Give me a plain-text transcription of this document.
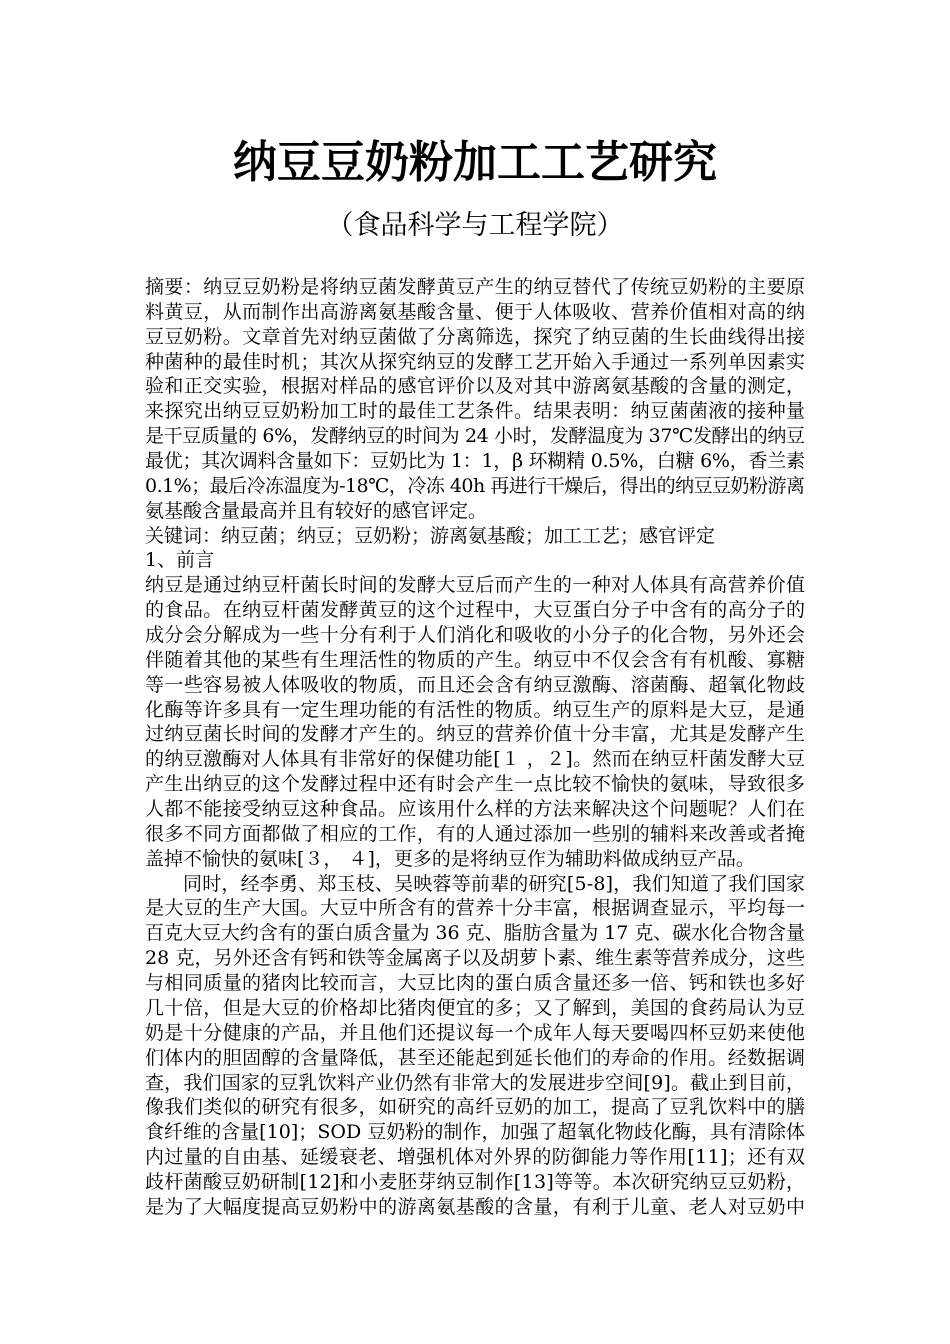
纳豆豆奶粉加工工艺研究
（食品科学与工程学院）
摘要：纳豆豆奶粉是将纳豆菌发酵黄豆产生的纳豆替代了传统豆奶粉的主要原
料黄豆，从而制作出高游离氨基酸含量、便于人体吸收、营养价值相对高的纳
豆豆奶粉。文章首先对纳豆菌做了分离筛选，探究了纳豆菌的生长曲线得出接
种菌种的最佳时机；其次从探究纳豆的发酵工艺开始入手通过一系列单因素实
验和正交实验，根据对样品的感官评价以及对其中游离氨基酸的含量的测定，
来探究出纳豆豆奶粉加工时的最佳工艺条件。结果表明：纳豆菌菌液的接种量
是干豆质量的 6%，发酵纳豆的时间为 24 小时，发酵温度为 37℃发酵出的纳豆
最优；其次调料含量如下：豆奶比为 1：1，β 环糊精 0.5%，白糖 6%，香兰素
0.1%；最后冷冻温度为-18℃，冷冻 40h 再进行干燥后，得出的纳豆豆奶粉游离
氨基酸含量最高并且有较好的感官评定。
关键词：纳豆菌；纳豆；豆奶粉；游离氨基酸；加工工艺；感官评定
1、前言
纳豆是通过纳豆杆菌长时间的发酵大豆后而产生的一种对人体具有高营养价值
的食品。在纳豆杆菌发酵黄豆的这个过程中，大豆蛋白分子中含有的高分子的
成分会分解成为一些十分有利于人们消化和吸收的小分子的化合物，另外还会
伴随着其他的某些有生理活性的物质的产生。纳豆中不仅会含有有机酸、寡糖
等一些容易被人体吸收的物质，而且还会含有纳豆激酶、溶菌酶、超氧化物歧
化酶等许多具有一定生理功能的有活性的物质。纳豆生产的原料是大豆，是通
过纳豆菌长时间的发酵才产生的。纳豆的营养价值十分丰富，尤其是发酵产生
的纳豆激酶对人体具有非常好的保健功能[１ ，２]。然而在纳豆杆菌发酵大豆
产生出纳豆的这个发酵过程中还有时会产生一点比较不愉快的氨味，导致很多
人都不能接受纳豆这种食品。应该用什么样的方法来解决这个问题呢？人们在
很多不同方面都做了相应的工作，有的人通过添加一些别的辅料来改善或者掩
盖掉不愉快的氨味[３， ４]，更多的是将纳豆作为辅助料做成纳豆产品。
同时，经李勇、郑玉枝、吴映蓉等前辈的研究[5-8]，我们知道了我们国家
是大豆的生产大国。大豆中所含有的营养十分丰富，根据调查显示，平均每一
百克大豆大约含有的蛋白质含量为 36 克、脂肪含量为 17 克、碳水化合物含量
28 克，另外还含有钙和铁等金属离子以及胡萝卜素、维生素等营养成分，这些
与相同质量的猪肉比较而言，大豆比肉的蛋白质含量还多一倍、钙和铁也多好
几十倍，但是大豆的价格却比猪肉便宜的多；又了解到，美国的食药局认为豆
奶是十分健康的产品，并且他们还提议每一个成年人每天要喝四杯豆奶来使他
们体内的胆固醇的含量降低，甚至还能起到延长他们的寿命的作用。经数据调
查，我们国家的豆乳饮料产业仍然有非常大的发展进步空间[9]。截止到目前，
像我们类似的研究有很多，如研究的高纤豆奶的加工，提高了豆乳饮料中的膳
食纤维的含量[10]；SOD 豆奶粉的制作，加强了超氧化物歧化酶，具有清除体
内过量的自由基、延缓衰老、增强机体对外界的防御能力等作用[11]；还有双
歧杆菌酸豆奶研制[12]和小麦胚芽纳豆制作[13]等等。本次研究纳豆豆奶粉，
是为了大幅度提高豆奶粉中的游离氨基酸的含量，有利于儿童、老人对豆奶中
